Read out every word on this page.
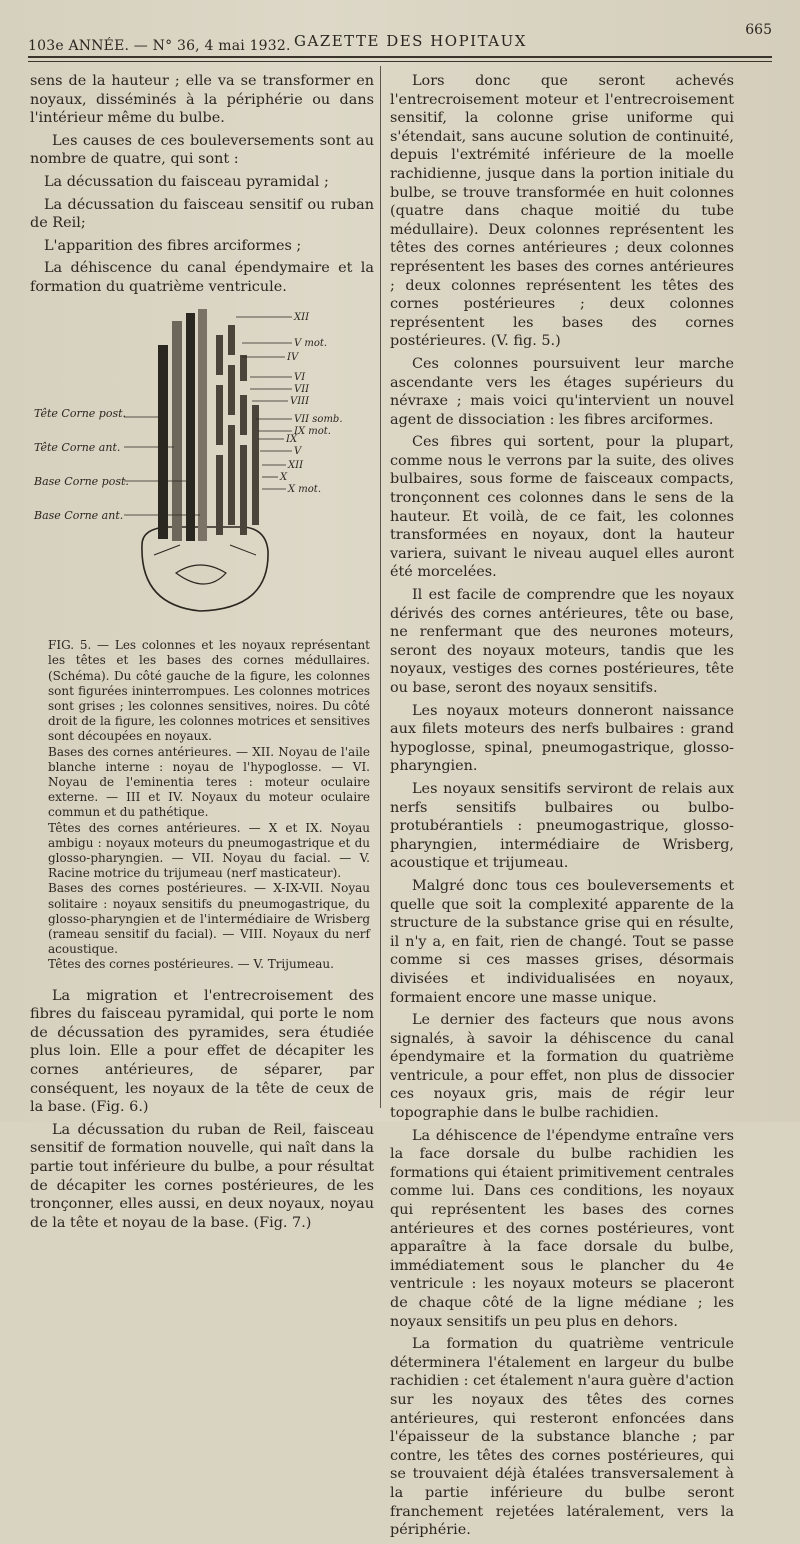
103e ANNÉE. — N° 36, 4 mai 1932. GAZETTE DES HOPITAUX
665

sens de la hauteur ; elle va se transformer en noyaux, disséminés à la périphérie ou dans l'intérieur même du bulbe.

Les causes de ces bouleversements sont au nombre de quatre, qui sont :

La décussation du faisceau pyramidal ;

La décussation du faisceau sensitif ou ruban de Reil;

L'apparition des fibres arciformes ;

La déhiscence du canal épendymaire et la formation du quatrième ventricule.

XII
V mot.
IV
VI
VII
VIII
VII somb.
IX mot.
IX
V
XII
X
X mot.
Tête Corne post.
Tête Corne ant.
Base Corne post.
Base Corne ant.

FIG. 5. — Les colonnes et les noyaux représentant les têtes et les bases des cornes médullaires. (Schéma). Du côté gauche de la figure, les colonnes sont figurées ininterrompues. Les colonnes motrices sont grises ; les colonnes sensitives, noires. Du côté droit de la figure, les colonnes motrices et sensitives sont découpées en noyaux.

Bases des cornes antérieures. — XII. Noyau de l'aile blanche interne : noyau de l'hypoglosse. — VI. Noyau de l'eminentia teres : moteur oculaire externe. — III et IV. Noyaux du moteur oculaire commun et du pathétique.

Têtes des cornes antérieures. — X et IX. Noyau ambigu : noyaux moteurs du pneumogastrique et du glosso-pharyngien. — VII. Noyau du facial. — V. Racine motrice du trijumeau (nerf masticateur).

Bases des cornes postérieures. — X-IX-VII. Noyau solitaire : noyaux sensitifs du pneumogastrique, du glosso-pharyngien et de l'intermédiaire de Wrisberg (rameau sensitif du facial). — VIII. Noyaux du nerf acoustique.

Têtes des cornes postérieures. — V. Trijumeau.

La migration et l'entrecroisement des fibres du faisceau pyramidal, qui porte le nom de décussation des pyramides, sera étudiée plus loin. Elle a pour effet de décapiter les cornes antérieures, de séparer, par conséquent, les noyaux de la tête de ceux de la base. (Fig. 6.)

La décussation du ruban de Reil, faisceau sensitif de formation nouvelle, qui naît dans la partie tout inférieure du bulbe, a pour résultat de décapiter les cornes postérieures, de les tronçonner, elles aussi, en deux noyaux, noyau de la tête et noyau de la base. (Fig. 7.)

Lors donc que seront achevés l'entrecroisement moteur et l'entrecroisement sensitif, la colonne grise uniforme qui s'étendait, sans aucune solution de continuité, depuis l'extrémité inférieure de la moelle rachidienne, jusque dans la portion initiale du bulbe, se trouve transformée en huit colonnes (quatre dans chaque moitié du tube médullaire). Deux colonnes représentent les têtes des cornes antérieures ; deux colonnes représentent les bases des cornes antérieures ; deux colonnes représentent les têtes des cornes postérieures ; deux colonnes représentent les bases des cornes postérieures. (V. fig. 5.)

Ces colonnes poursuivent leur marche ascendante vers les étages supérieurs du névraxe ; mais voici qu'intervient un nouvel agent de dissociation : les fibres arciformes.

Ces fibres qui sortent, pour la plupart, comme nous le verrons par la suite, des olives bulbaires, sous forme de faisceaux compacts, tronçonnent ces colonnes dans le sens de la hauteur. Et voilà, de ce fait, les colonnes transformées en noyaux, dont la hauteur variera, suivant le niveau auquel elles auront été morcelées.

Il est facile de comprendre que les noyaux dérivés des cornes antérieures, tête ou base, ne renfermant que des neurones moteurs, seront des noyaux moteurs, tandis que les noyaux, vestiges des cornes postérieures, tête ou base, seront des noyaux sensitifs.

Les noyaux moteurs donneront naissance aux filets moteurs des nerfs bulbaires : grand hypoglosse, spinal, pneumogastrique, glosso-pharyngien.

Les noyaux sensitifs serviront de relais aux nerfs sensitifs bulbaires ou bulbo-protubérantiels : pneumogastrique, glosso-pharyngien, intermédiaire de Wrisberg, acoustique et trijumeau.

Malgré donc tous ces bouleversements et quelle que soit la complexité apparente de la structure de la substance grise qui en résulte, il n'y a, en fait, rien de changé. Tout se passe comme si ces masses grises, désormais divisées et individualisées en noyaux, formaient encore une masse unique.

Le dernier des facteurs que nous avons signalés, à savoir la déhiscence du canal épendymaire et la formation du quatrième ventricule, a pour effet, non plus de dissocier ces noyaux gris, mais de régir leur topographie dans le bulbe rachidien.

La déhiscence de l'épendyme entraîne vers la face dorsale du bulbe rachidien les formations qui étaient primitivement centrales comme lui. Dans ces conditions, les noyaux qui représentent les bases des cornes antérieures et des cornes postérieures, vont apparaître à la face dorsale du bulbe, immédiatement sous le plancher du 4e ventricule : les noyaux moteurs se placeront de chaque côté de la ligne médiane ; les noyaux sensitifs un peu plus en dehors.

La formation du quatrième ventricule déterminera l'étalement en largeur du bulbe rachidien : cet étalement n'aura guère d'action sur les noyaux des têtes des cornes antérieures, qui resteront enfoncées dans l'épaisseur de la substance blanche ; par contre, les têtes des cornes postérieures, qui se trouvaient déjà étalées transversalement à la partie inférieure du bulbe seront franchement rejetées latéralement, vers la périphérie.
